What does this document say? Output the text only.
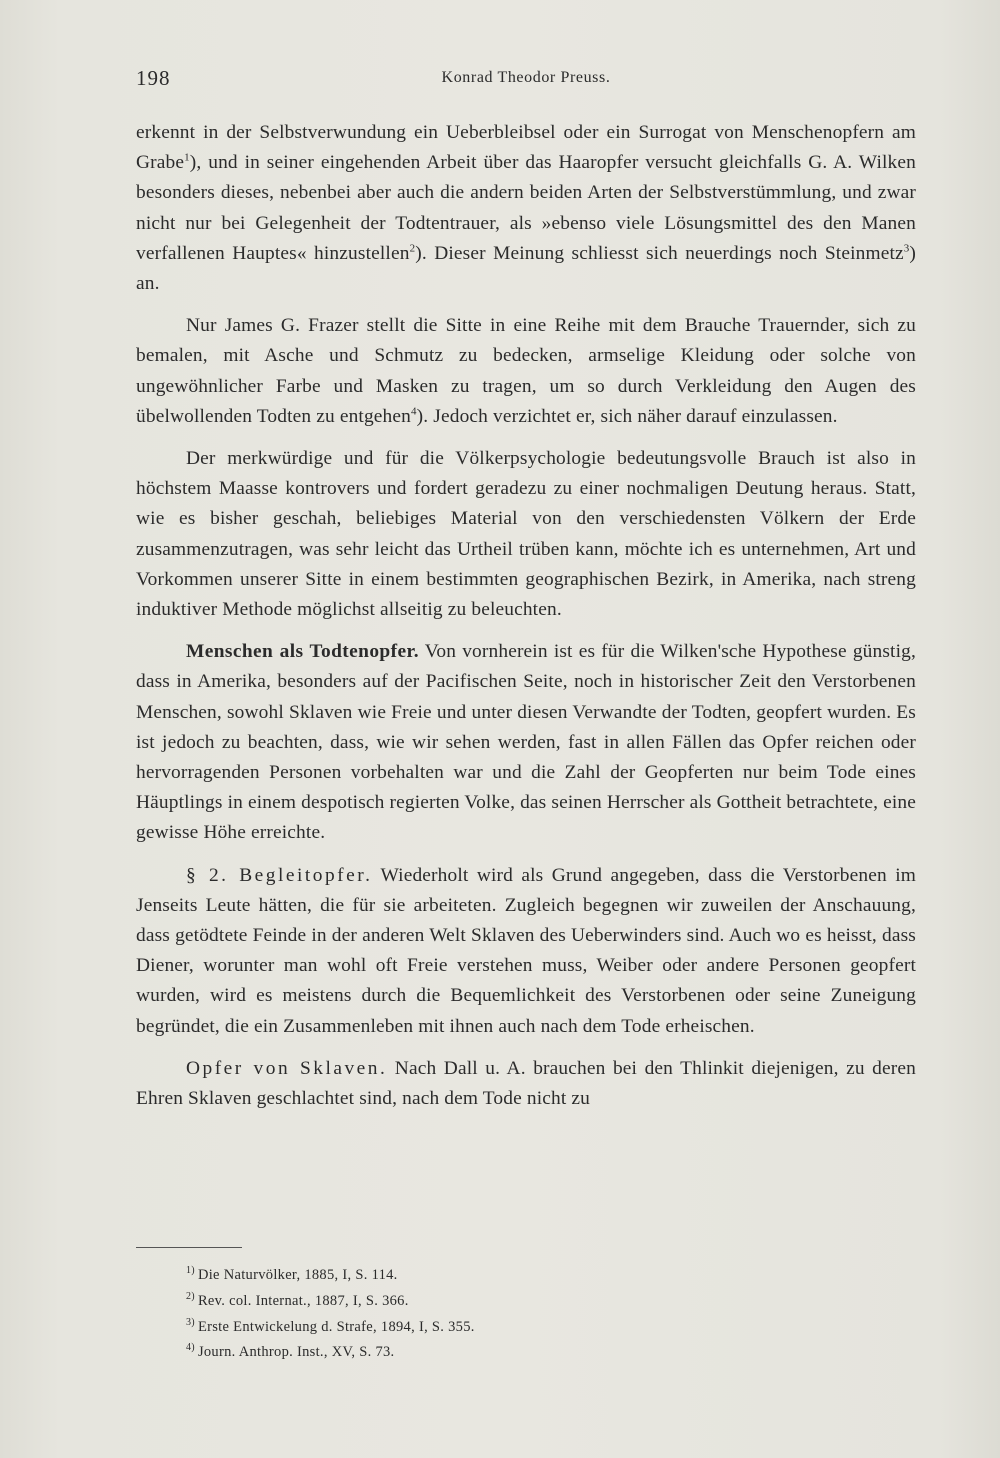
198	Konrad Theodor Preuss.

erkennt in der Selbstverwundung ein Ueberbleibsel oder ein Surrogat von Menschenopfern am Grabe$^1$), und in seiner eingehenden Arbeit über das Haaropfer versucht gleichfalls G. A. Wilken besonders dieses, nebenbei aber auch die andern beiden Arten der Selbstverstümmlung, und zwar nicht nur bei Gelegenheit der Todtentrauer, als »ebenso viele Lösungsmittel des den Manen verfallenen Hauptes« hinzustellen$^2$). Dieser Meinung schliesst sich neuerdings noch Steinmetz$^3$) an.

Nur James G. Frazer stellt die Sitte in eine Reihe mit dem Brauche Trauernder, sich zu bemalen, mit Asche und Schmutz zu bedecken, armselige Kleidung oder solche von ungewöhnlicher Farbe und Masken zu tragen, um so durch Verkleidung den Augen des übelwollenden Todten zu entgehen$^4$). Jedoch verzichtet er, sich näher darauf einzulassen.

Der merkwürdige und für die Völkerpsychologie bedeutungsvolle Brauch ist also in höchstem Maasse kontrovers und fordert geradezu zu einer nochmaligen Deutung heraus. Statt, wie es bisher geschah, beliebiges Material von den verschiedensten Völkern der Erde zusammenzutragen, was sehr leicht das Urtheil trüben kann, möchte ich es unternehmen, Art und Vorkommen unserer Sitte in einem bestimmten geographischen Bezirk, in Amerika, nach streng induktiver Methode möglichst allseitig zu beleuchten.

Menschen als Todtenopfer. Von vornherein ist es für die Wilken'sche Hypothese günstig, dass in Amerika, besonders auf der Pacifischen Seite, noch in historischer Zeit den Verstorbenen Menschen, sowohl Sklaven wie Freie und unter diesen Verwandte der Todten, geopfert wurden. Es ist jedoch zu beachten, dass, wie wir sehen werden, fast in allen Fällen das Opfer reichen oder hervorragenden Personen vorbehalten war und die Zahl der Geopferten nur beim Tode eines Häuptlings in einem despotisch regierten Volke, das seinen Herrscher als Gottheit betrachtete, eine gewisse Höhe erreichte.

§ 2. Begleitopfer. Wiederholt wird als Grund angegeben, dass die Verstorbenen im Jenseits Leute hätten, die für sie arbeiteten. Zugleich begegnen wir zuweilen der Anschauung, dass getödtete Feinde in der anderen Welt Sklaven des Ueberwinders sind. Auch wo es heisst, dass Diener, worunter man wohl oft Freie verstehen muss, Weiber oder andere Personen geopfert wurden, wird es meistens durch die Bequemlichkeit des Verstorbenen oder seine Zuneigung begründet, die ein Zusammenleben mit ihnen auch nach dem Tode erheischen.

Opfer von Sklaven. Nach Dall u. A. brauchen bei den Thlinkit diejenigen, zu deren Ehren Sklaven geschlachtet sind, nach dem Tode nicht zu

$^{1)}$ Die Naturvölker, 1885, I, S. 114.

$^{2)}$ Rev. col. Internat., 1887, I, S. 366.

$^{3)}$ Erste Entwickelung d. Strafe, 1894, I, S. 355.

$^{4)}$ Journ. Anthrop. Inst., XV, S. 73.
